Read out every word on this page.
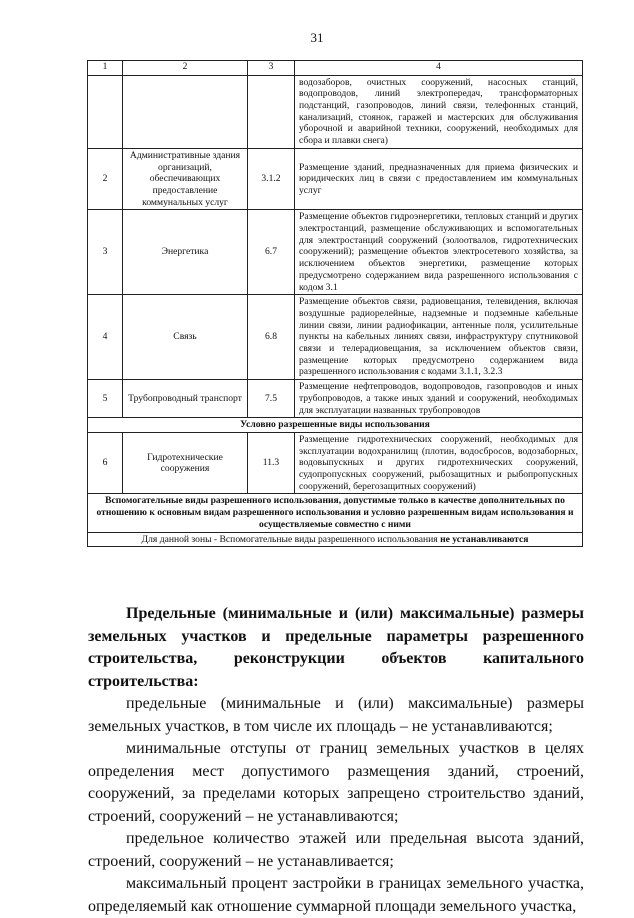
31
1	2	3	4
			водозаборов, очистных сооружений, насосных станций, водопроводов, линий электропередач, трансформаторных подстанций, газопроводов, линий связи, телефонных станций, канализаций, стоянок, гаражей и мастерских для обслуживания уборочной и аварийной техники, сооружений, необходимых для сбора и плавки снега)
2	Административные здания организаций, обеспечивающих предоставление коммунальных услуг	3.1.2	Размещение зданий, предназначенных для приема физических и юридических лиц в связи с предоставлением им коммунальных услуг
3	Энергетика	6.7	Размещение объектов гидроэнергетики, тепловых станций и других электростанций, размещение обслуживающих и вспомогательных для электростанций сооружений (золоотвалов, гидротехнических сооружений); размещение объектов электросетевого хозяйства, за исключением объектов энергетики, размещение которых предусмотрено содержанием вида разрешенного использования с кодом 3.1
4	Связь	6.8	Размещение объектов связи, радиовещания, телевидения, включая воздушные радиорелейные, надземные и подземные кабельные линии связи, линии радиофикации, антенные поля, усилительные пункты на кабельных линиях связи, инфраструктуру спутниковой связи и телерадиовещания, за исключением объектов связи, размещение которых предусмотрено содержанием вида разрешенного использования с кодами 3.1.1, 3.2.3
5	Трубопроводный транспорт	7.5	Размещение нефтепроводов, водопроводов, газопроводов и иных трубопроводов, а также иных зданий и сооружений, необходимых для эксплуатации названных трубопроводов
Условно разрешенные виды использования			
6	Гидротехнические сооружения	11.3	Размещение гидротехнических сооружений, необходимых для эксплуатации водохранилищ (плотин, водосбросов, водозаборных, водовыпускных и других гидротехнических сооружений, судопропускных сооружений, рыбозащитных и рыбопропускных сооружений, берегозащитных сооружений)
Вспомогательные виды разрешенного использования, допустимые только в качестве дополнительных по отношению к основным видам разрешенного использования и условно разрешенным видам использования и осуществляемые совместно с ними			
Для данной зоны - Вспомогательные виды разрешенного использования не устанавливаются			

Предельные (минимальные и (или) максимальные) размеры земельных участков и предельные параметры разрешенного строительства, реконструкции объектов капитального строительства:

предельные (минимальные и (или) максимальные) размеры земельных участков, в том числе их площадь – не устанавливаются;

минимальные отступы от границ земельных участков в целях определения мест допустимого размещения зданий, строений, сооружений, за пределами которых запрещено строительство зданий, строений, сооружений – не устанавливаются;

предельное количество этажей или предельная высота зданий, строений, сооружений – не устанавливается;

максимальный процент застройки в границах земельного участка, определяемый как отношение суммарной площади земельного участка,
